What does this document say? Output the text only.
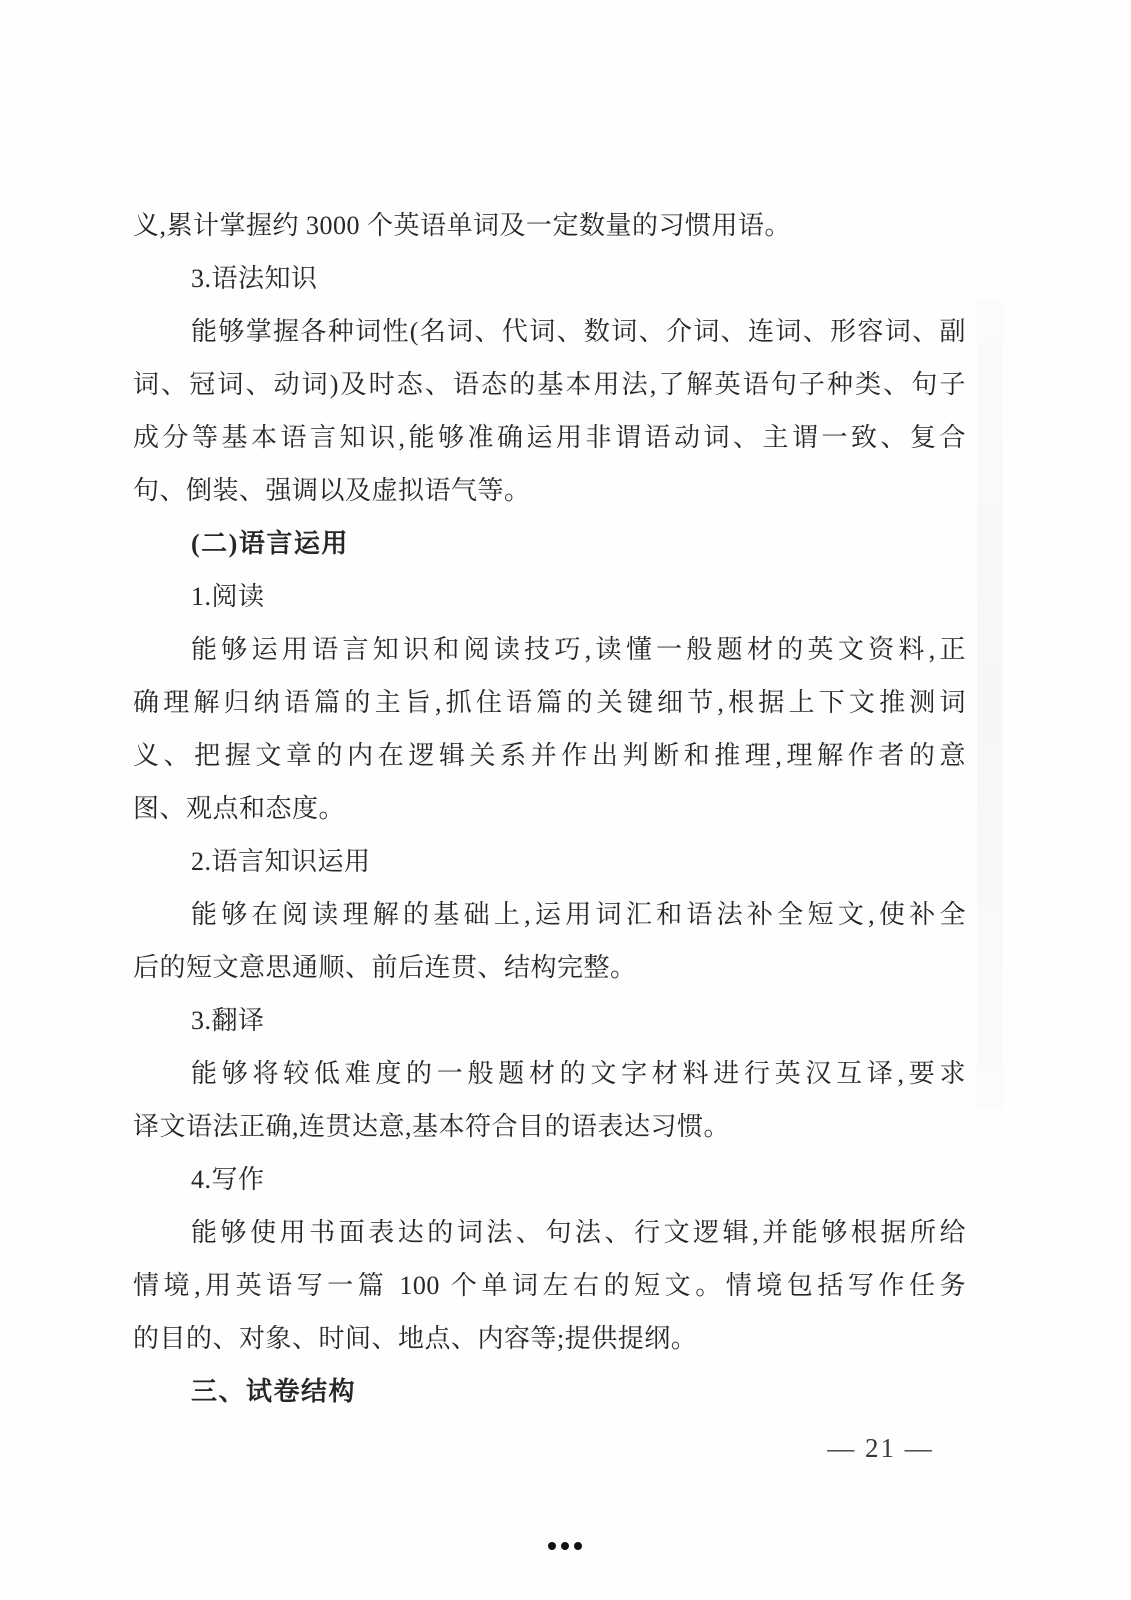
义,累计掌握约 3000 个英语单词及一定数量的习惯用语。
3.语法知识
能够掌握各种词性(名词、代词、数词、介词、连词、形容词、副
词、冠词、动词)及时态、语态的基本用法,了解英语句子种类、句子
成分等基本语言知识,能够准确运用非谓语动词、主谓一致、复合
句、倒装、强调以及虚拟语气等。
(二)语言运用
1.阅读
能够运用语言知识和阅读技巧,读懂一般题材的英文资料,正
确理解归纳语篇的主旨,抓住语篇的关键细节,根据上下文推测词
义、把握文章的内在逻辑关系并作出判断和推理,理解作者的意
图、观点和态度。
2.语言知识运用
能够在阅读理解的基础上,运用词汇和语法补全短文,使补全
后的短文意思通顺、前后连贯、结构完整。
3.翻译
能够将较低难度的一般题材的文字材料进行英汉互译,要求
译文语法正确,连贯达意,基本符合目的语表达习惯。
4.写作
能够使用书面表达的词法、句法、行文逻辑,并能够根据所给
情境,用英语写一篇 100 个单词左右的短文。情境包括写作任务
的目的、对象、时间、地点、内容等;提供提纲。
三、试卷结构
— 21 —
